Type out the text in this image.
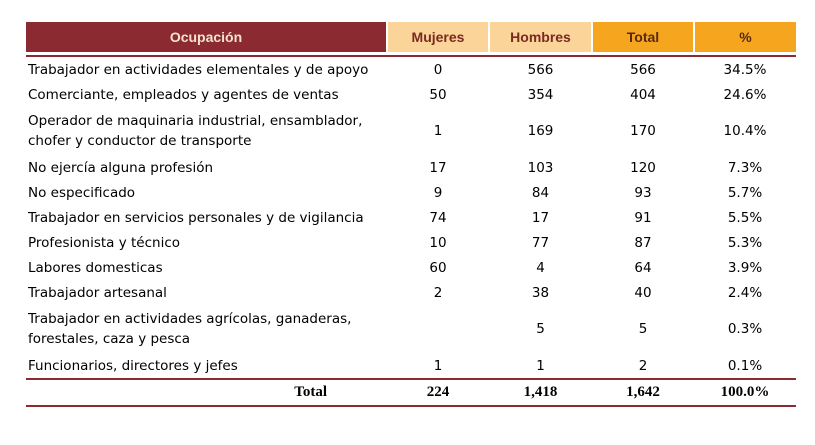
Ocupación	Mujeres	Hombres	Total	%

Trabajador en actividades elementales y de apoyo	0	566	566	34.5%
Comerciante, empleados y agentes de ventas	50	354	404	24.6%
Operador de maquinaria industrial, ensamblador, chofer y conductor de transporte	1	169	170	10.4%
No ejercía alguna profesión	17	103	120	7.3%
No especificado	9	84	93	5.7%
Trabajador en servicios personales y de vigilancia	74	17	91	5.5%
Profesionista y técnico	10	77	87	5.3%
Labores domesticas	60	4	64	3.9%
Trabajador artesanal	2	38	40	2.4%
Trabajador en actividades agrícolas, ganaderas, forestales, caza y pesca		5	5	0.3%
Funcionarios, directores y jefes	1	1	2	0.1%
Total	224	1,418	1,642	100.0%
